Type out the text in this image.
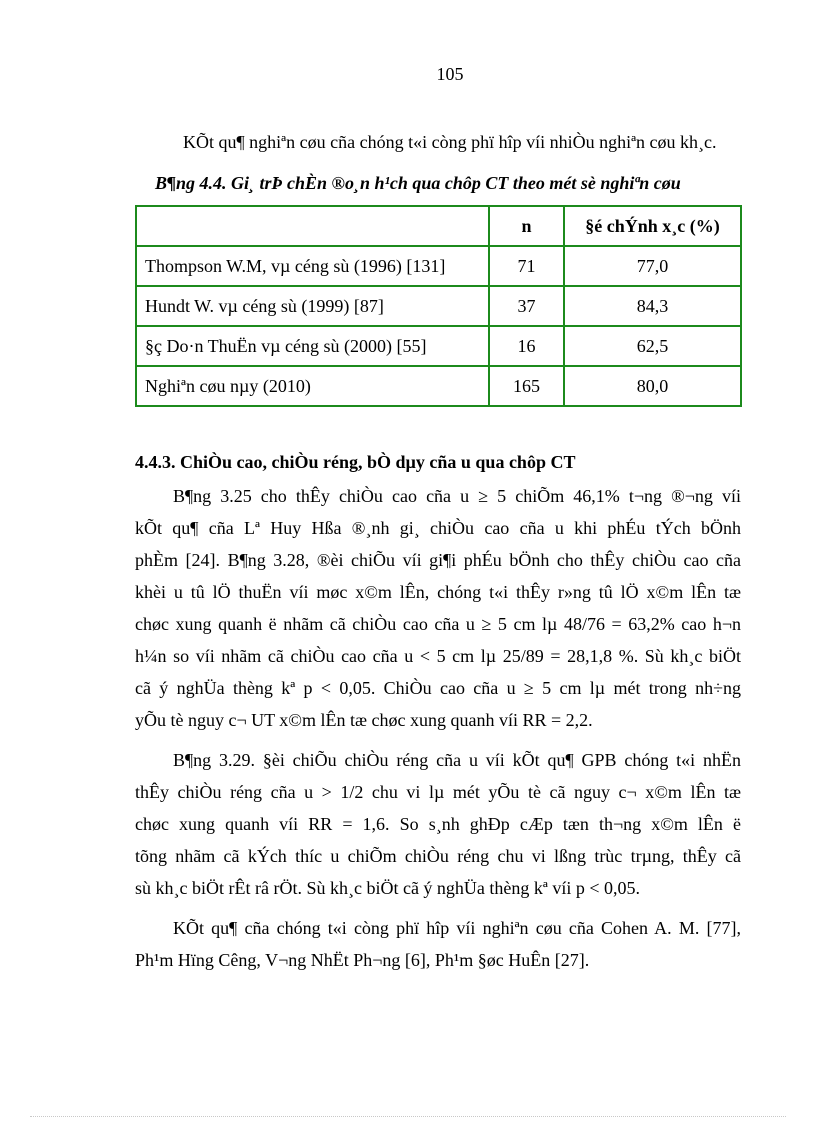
105
KÕt qu¶ nghiªn cøu cña chóng t«i còng phï hîp víi nhiÒu nghiªn cøu kh¸c.
B¶ng 4.4. Gi¸ trÞ chÈn ®o¸n h¹ch qua chôp CT theo mét sè nghiªn cøu
	n	§é chÝnh x¸c (%)
Thompson W.M, vµ céng sù (1996) [131]	71	77,0
Hundt W. vµ céng sù (1999) [87]	37	84,3
§ç Do·n ThuËn vµ céng sù (2000) [55]	16	62,5
Nghiªn cøu nµy (2010)	165	80,0
4.4.3. ChiÒu cao, chiÒu réng, bÒ dµy cña u qua chôp CT
B¶ng 3.25 cho thÊy chiÒu cao cña u ≥ 5 chiÕm 46,1% t¬ng ®¬ng víi
kÕt qu¶ cña Lª Huy Hßa ®¸nh gi¸ chiÒu cao cña u khi phÉu tÝch bÖnh
phÈm [24]. B¶ng 3.28, ®èi chiÕu víi gi¶i phÉu bÖnh cho thÊy chiÒu cao cña
khèi u tû lÖ thuËn víi møc x©m lÊn, chóng t«i thÊy r»ng tû lÖ x©m lÊn tæ
chøc xung quanh ë nhãm cã chiÒu cao cña u ≥ 5 cm lµ 48/76 = 63,2% cao h¬n
h¼n so víi nhãm cã chiÒu cao cña u < 5 cm lµ 25/89 = 28,1,8 %. Sù kh¸c biÖt
cã ý nghÜa thèng kª p < 0,05. ChiÒu cao cña u ≥ 5 cm lµ mét trong nh÷ng
yÕu tè nguy c¬ UT x©m lÊn tæ chøc xung quanh víi RR = 2,2.
B¶ng 3.29. §èi chiÕu chiÒu réng cña u víi kÕt qu¶ GPB chóng t«i nhËn
thÊy chiÒu réng cña u > 1/2 chu vi lµ mét yÕu tè cã nguy c¬ x©m lÊn tæ
chøc xung quanh víi RR = 1,6. So s¸nh ghÐp cÆp tæn th¬ng x©m lÊn ë
tõng nhãm cã kÝch thíc u chiÕm chiÒu réng chu vi lßng trùc trµng, thÊy cã
sù kh¸c biÖt rÊt râ rÖt. Sù kh¸c biÖt cã ý nghÜa thèng kª víi p < 0,05.
KÕt qu¶ cña chóng t«i còng phï hîp víi nghiªn cøu cña Cohen A. M. [77],
Ph¹m Hïng Cêng, V¬ng NhËt Ph¬ng [6], Ph¹m §øc HuÊn [27].
